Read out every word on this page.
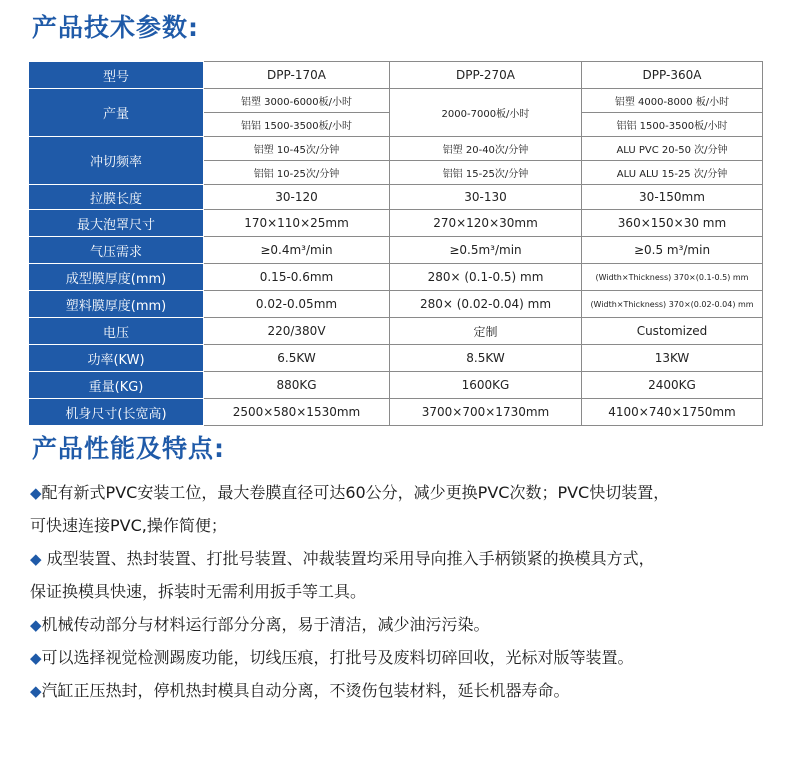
产品技术参数:
型号	DPP-170A	DPP-270A	DPP-360A
产量	铝塑 3000-6000板/小时	2000-7000板/小时	铝塑 4000-8000 板/小时
	铝铝 1500-3500板/小时		铝铝 1500-3500板/小时
冲切频率	铝塑 10-45次/分钟	铝塑 20-40次/分钟	ALU PVC 20-50 次/分钟
	铝铝 10-25次/分钟	铝铝 15-25次/分钟	ALU ALU 15-25 次/分钟
拉膜长度	30-120	30-130	30-150mm
最大泡罩尺寸	170×110×25mm	270×120×30mm	360×150×30 mm
气压需求	≥0.4m³/min	≥0.5m³/min	≥0.5 m³/min
成型膜厚度(mm)	0.15-0.6mm	280× (0.1-0.5) mm	(Width×Thickness) 370×(0.1-0.5) mm
塑料膜厚度(mm)	0.02-0.05mm	280× (0.02-0.04) mm	(Width×Thickness) 370×(0.02-0.04) mm
电压	220/380V	定制	Customized
功率(KW)	6.5KW	8.5KW	13KW
重量(KG)	880KG	1600KG	2400KG
机身尺寸(长宽高)	2500×580×1530mm	3700×700×1730mm	4100×740×1750mm
产品性能及特点:
◆配有新式PVC安装工位，最大卷膜直径可达60公分，减少更换PVC次数；PVC快切装置，
可快速连接PVC,操作简便；
◆ 成型装置、热封装置、打批号装置、冲裁装置均采用导向推入手柄锁紧的换模具方式，
保证换模具快速，拆装时无需利用扳手等工具。
◆机械传动部分与材料运行部分分离，易于清洁，减少油污污染。
◆可以选择视觉检测踢废功能，切线压痕，打批号及废料切碎回收，光标对版等装置。
◆汽缸正压热封，停机热封模具自动分离，不烫伤包装材料，延长机器寿命。
